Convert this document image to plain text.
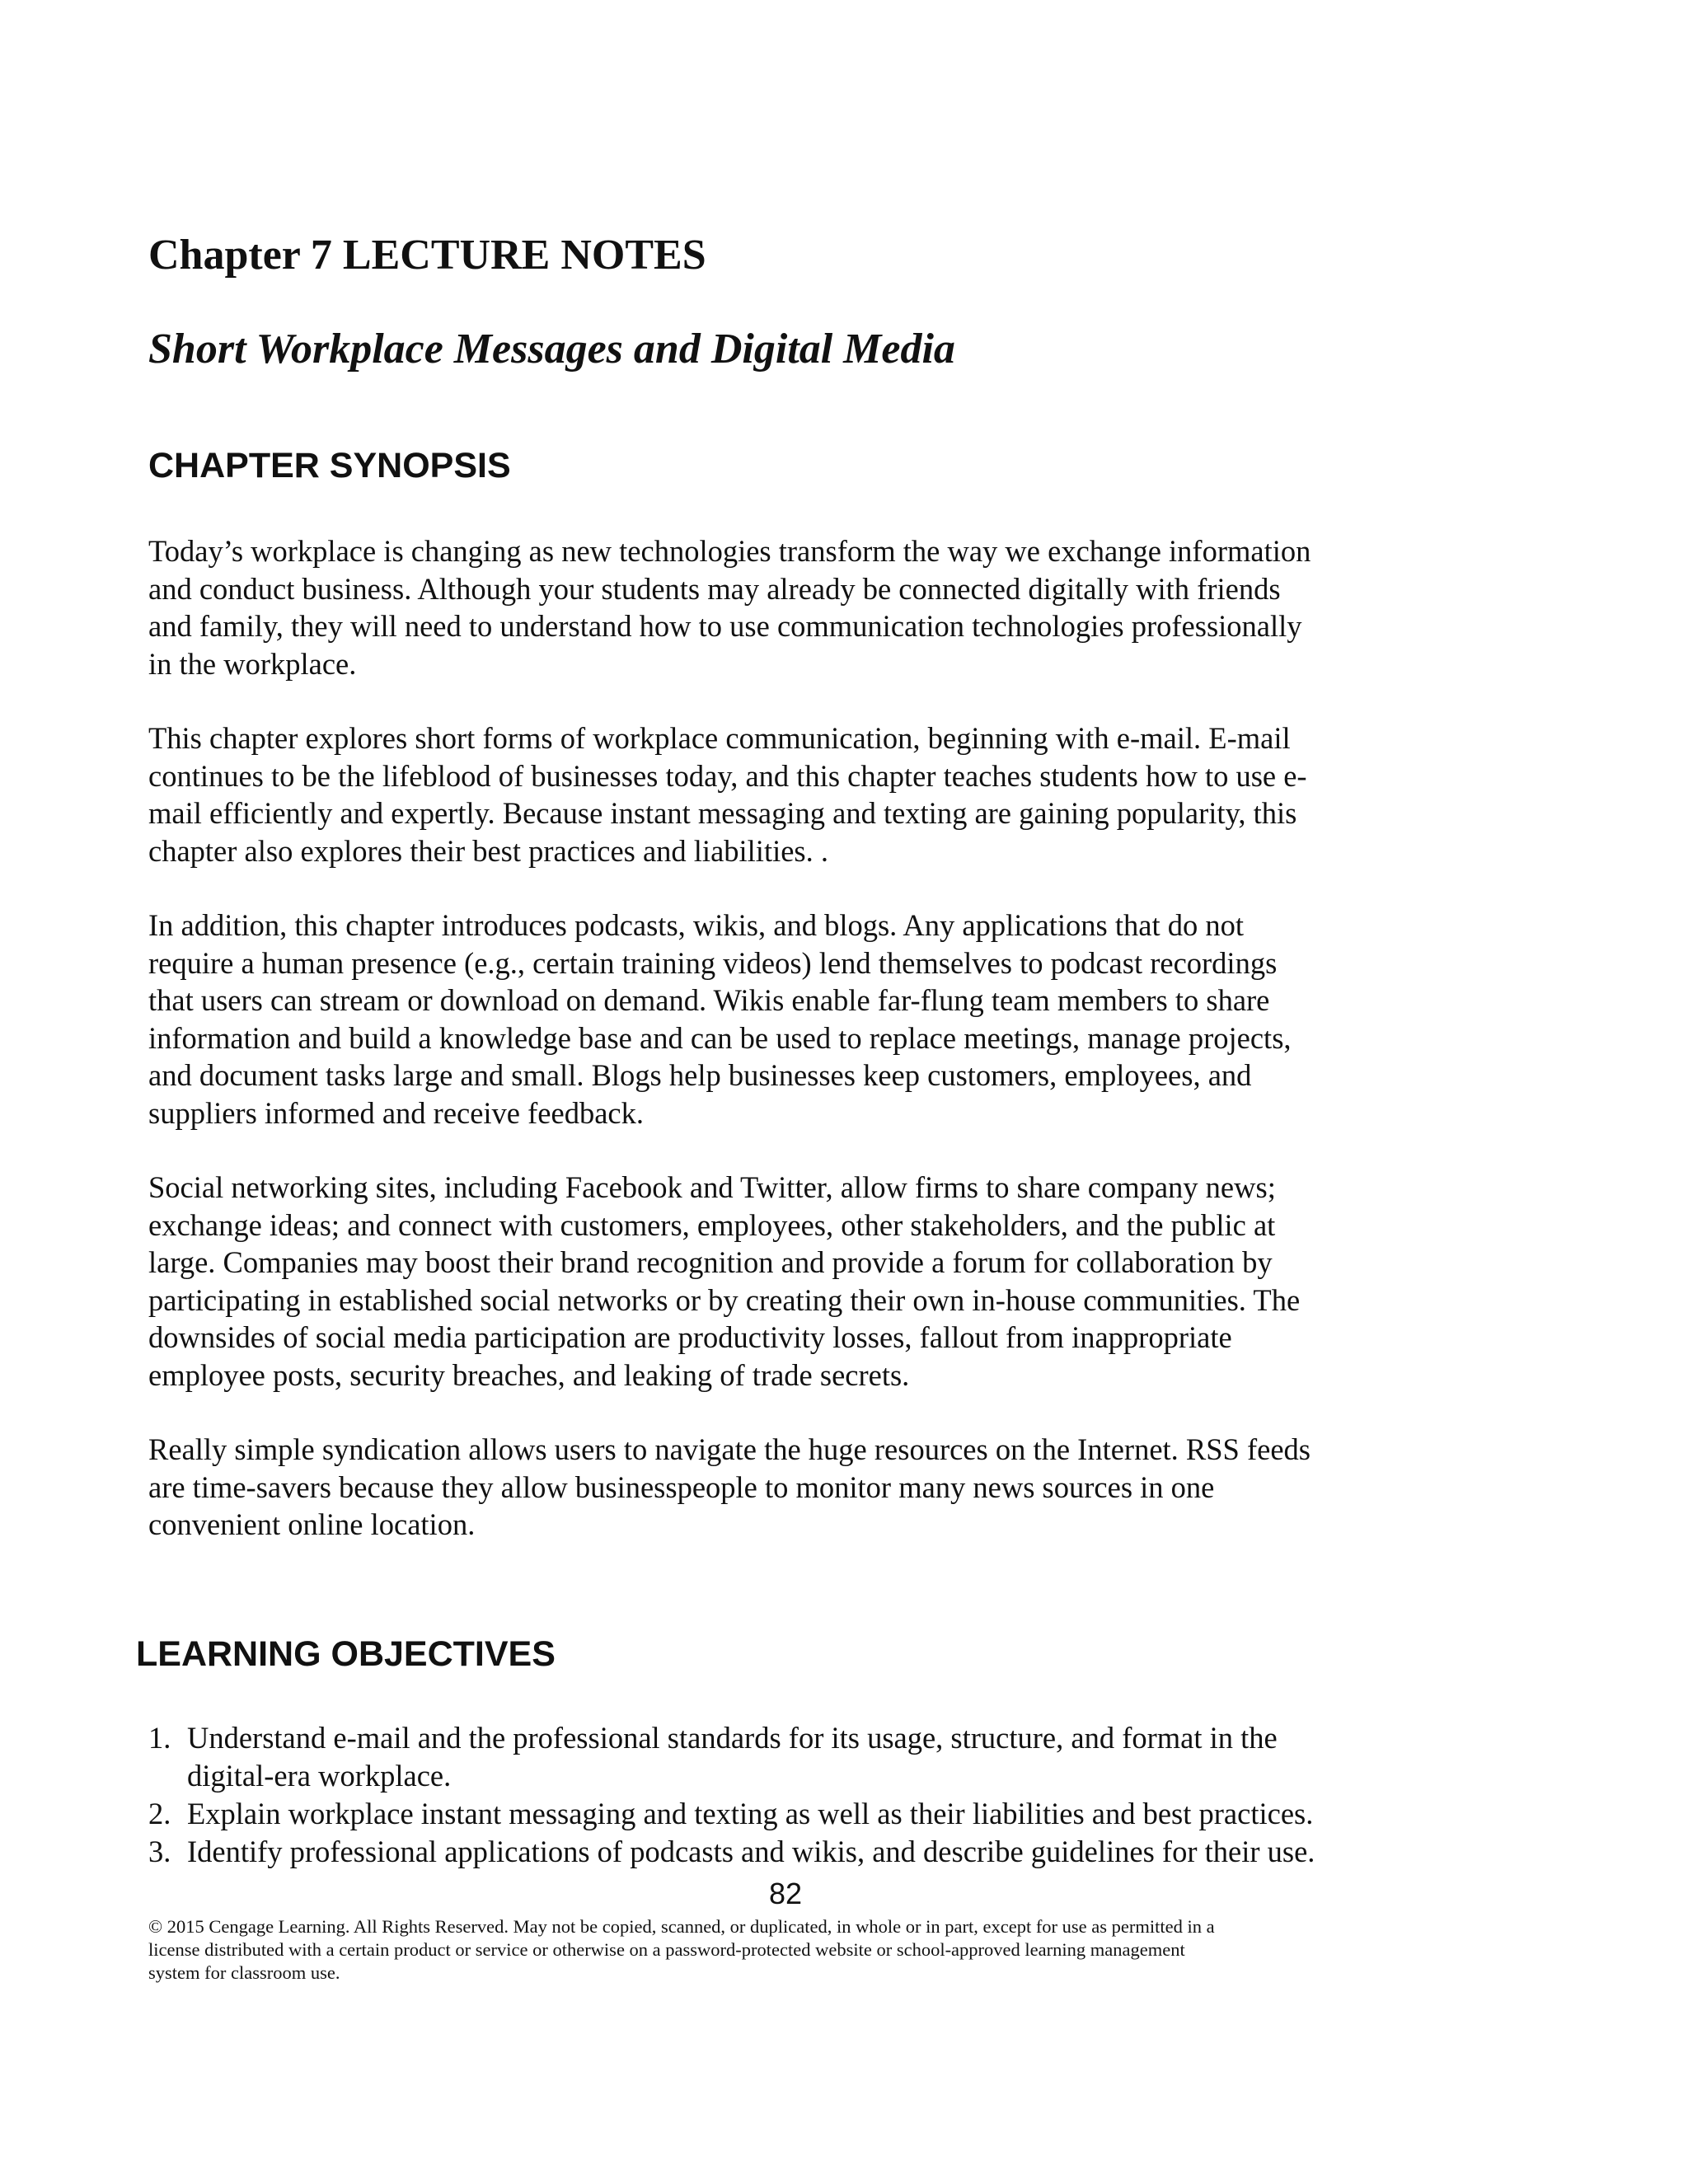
Chapter 7 LECTURE NOTES
Short Workplace Messages and Digital Media
CHAPTER SYNOPSIS

Today’s workplace is changing as new technologies transform the way we exchange information
and conduct business. Although your students may already be connected digitally with friends
and family, they will need to understand how to use communication technologies professionally
in the workplace.

This chapter explores short forms of workplace communication, beginning with e-mail. E-mail
continues to be the lifeblood of businesses today, and this chapter teaches students how to use e-
mail efficiently and expertly. Because instant messaging and texting are gaining popularity, this
chapter also explores their best practices and liabilities. .

In addition, this chapter introduces podcasts, wikis, and blogs. Any applications that do not
require a human presence (e.g., certain training videos) lend themselves to podcast recordings
that users can stream or download on demand. Wikis enable far-flung team members to share
information and build a knowledge base and can be used to replace meetings, manage projects,
and document tasks large and small. Blogs help businesses keep customers, employees, and
suppliers informed and receive feedback.

Social networking sites, including Facebook and Twitter, allow firms to share company news;
exchange ideas; and connect with customers, employees, other stakeholders, and the public at
large. Companies may boost their brand recognition and provide a forum for collaboration by
participating in established social networks or by creating their own in-house communities. The
downsides of social media participation are productivity losses, fallout from inappropriate
employee posts, security breaches, and leaking of trade secrets.

Really simple syndication allows users to navigate the huge resources on the Internet. RSS feeds
are time-savers because they allow businesspeople to monitor many news sources in one
convenient online location.

LEARNING OBJECTIVES
1. Understand e-mail and the professional standards for its usage, structure, and format in the
digital-era workplace.
2. Explain workplace instant messaging and texting as well as their liabilities and best practices.
3. Identify professional applications of podcasts and wikis, and describe guidelines for their use.
82
© 2015 Cengage Learning. All Rights Reserved. May not be copied, scanned, or duplicated, in whole or in part, except for use as permitted in a
license distributed with a certain product or service or otherwise on a password-protected website or school-approved learning management
system for classroom use.
